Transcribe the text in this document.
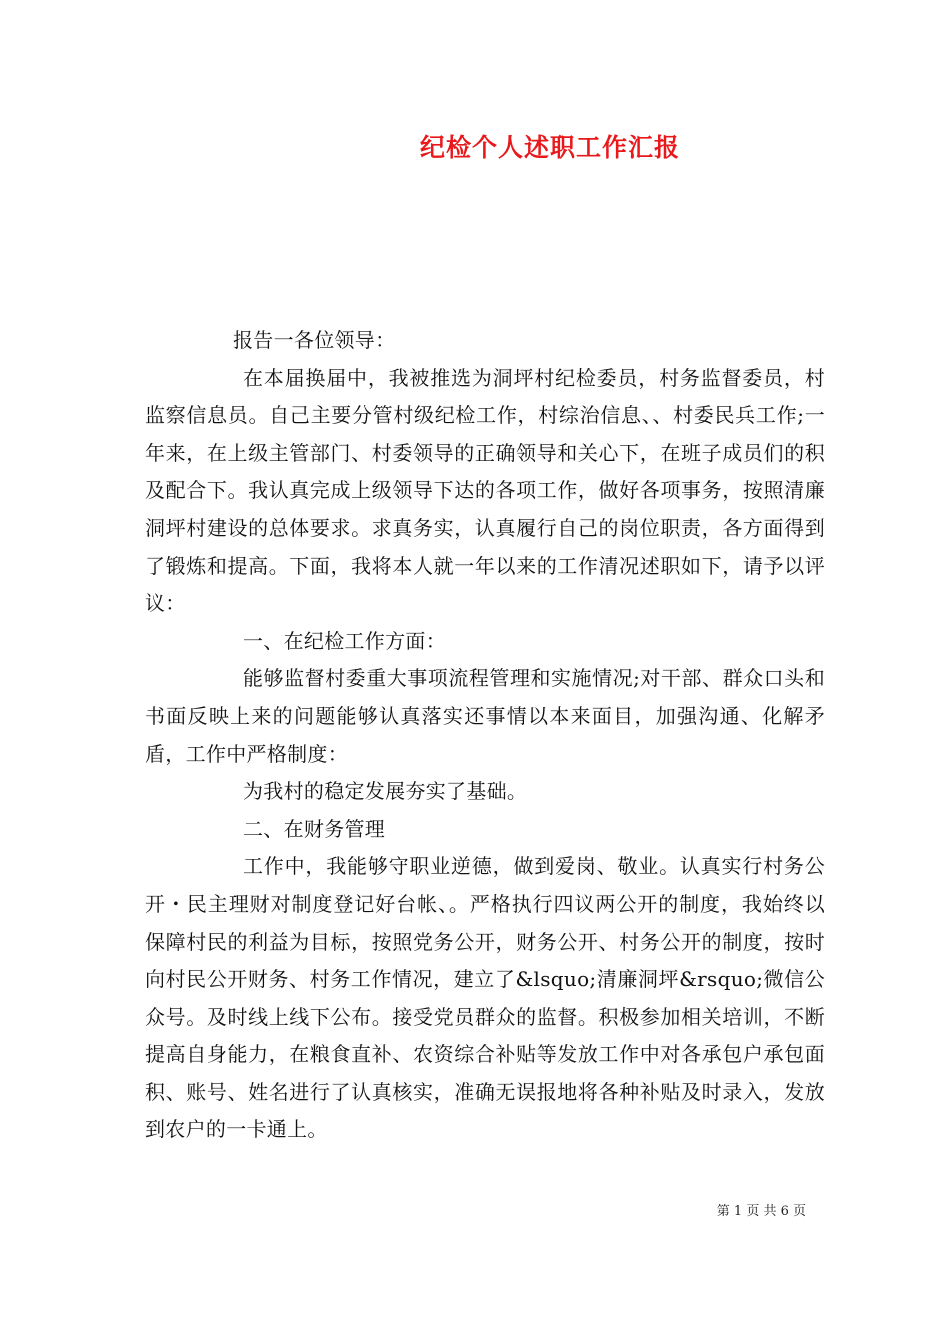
纪检个人述职工作汇报

报告一各位领导：

在本届换届中，我被推选为洞坪村纪检委员，村务监督委员，村监察信息员。自己主要分管村级纪检工作，村综治信息、、村委民兵工作;一年来，在上级主管部门、村委领导的正确领导和关心下，在班子成员们的积及配合下。我认真完成上级领导下达的各项工作，做好各项事务，按照清廉洞坪村建设的总体要求。求真务实，认真履行自己的岗位职责，各方面得到了锻炼和提高。下面，我将本人就一年以来的工作清况述职如下，请予以评议：

一、在纪检工作方面：

能够监督村委重大事项流程管理和实施情况;对干部、群众口头和书面反映上来的问题能够认真落实还事情以本来面目，加强沟通、化解矛盾，工作中严格制度：

为我村的稳定发展夯实了基础。

二、在财务管理

工作中，我能够守职业逆德，做到爱岗、敬业。认真实行村务公开・民主理财对制度登记好台帐、。严格执行四议两公开的制度，我始终以保障村民的利益为目标，按照党务公开，财务公开、村务公开的制度，按时向村民公开财务、村务工作情况，建立了&lsquo;清廉洞坪&rsquo;微信公众号。及时线上线下公布。接受党员群众的监督。积极参加相关培训，不断提高自身能力，在粮食直补、农资综合补贴等发放工作中对各承包户承包面积、账号、姓名进行了认真核实，准确无误报地将各种补贴及时录入，发放到农户的一卡通上。

第 1 页 共 6 页
